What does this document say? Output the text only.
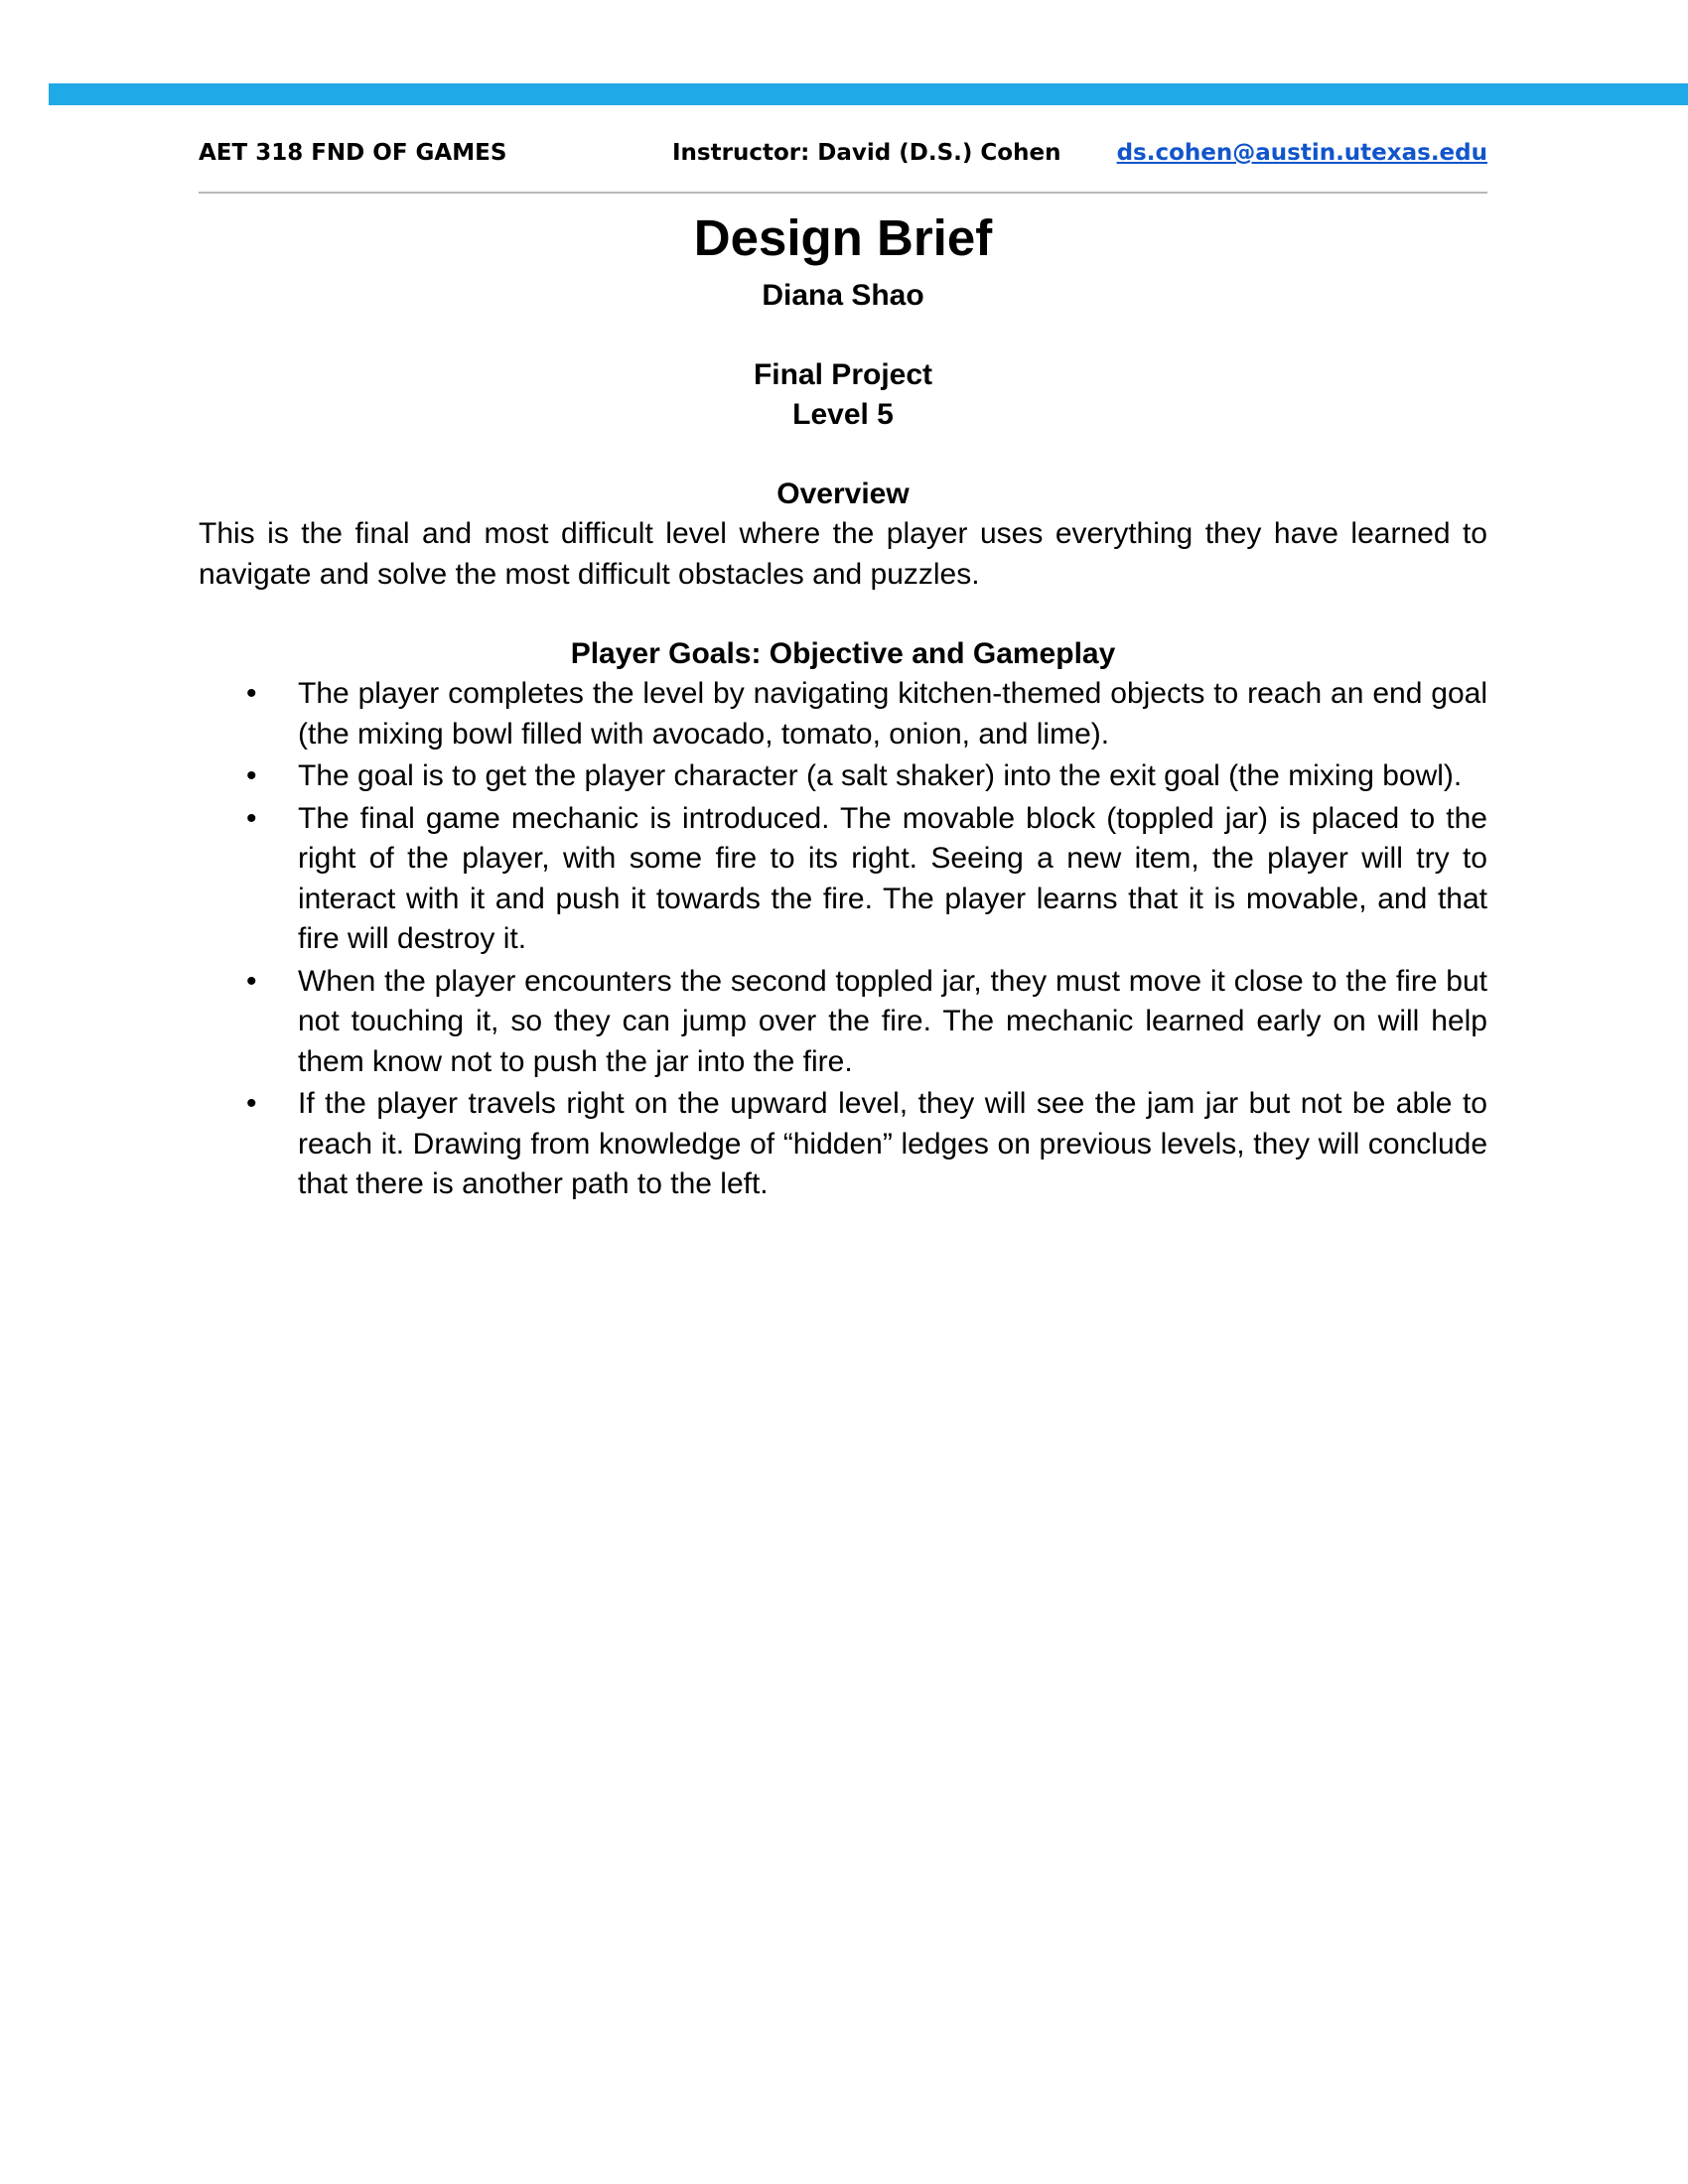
AET 318 FND OF GAMES	Instructor: David (D.S.) Cohen ds.cohen@austin.utexas.edu
Design Brief

Diana Shao

Final Project

Level 5

Overview

This is the final and most difficult level where the player uses everything they have learned to navigate and solve the most difficult obstacles and puzzles.

Player Goals: Objective and Gameplay

• The player completes the level by navigating kitchen-themed objects to reach an end goal (the mixing bowl filled with avocado, tomato, onion, and lime).
• The goal is to get the player character (a salt shaker) into the exit goal (the mixing bowl).
• The final game mechanic is introduced. The movable block (toppled jar) is placed to the right of the player, with some fire to its right. Seeing a new item, the player will try to interact with it and push it towards the fire. The player learns that it is movable, and that fire will destroy it.
• When the player encounters the second toppled jar, they must move it close to the fire but not touching it, so they can jump over the fire. The mechanic learned early on will help them know not to push the jar into the fire.
• If the player travels right on the upward level, they will see the jam jar but not be able to reach it. Drawing from knowledge of “hidden” ledges on previous levels, they will conclude that there is another path to the left.
